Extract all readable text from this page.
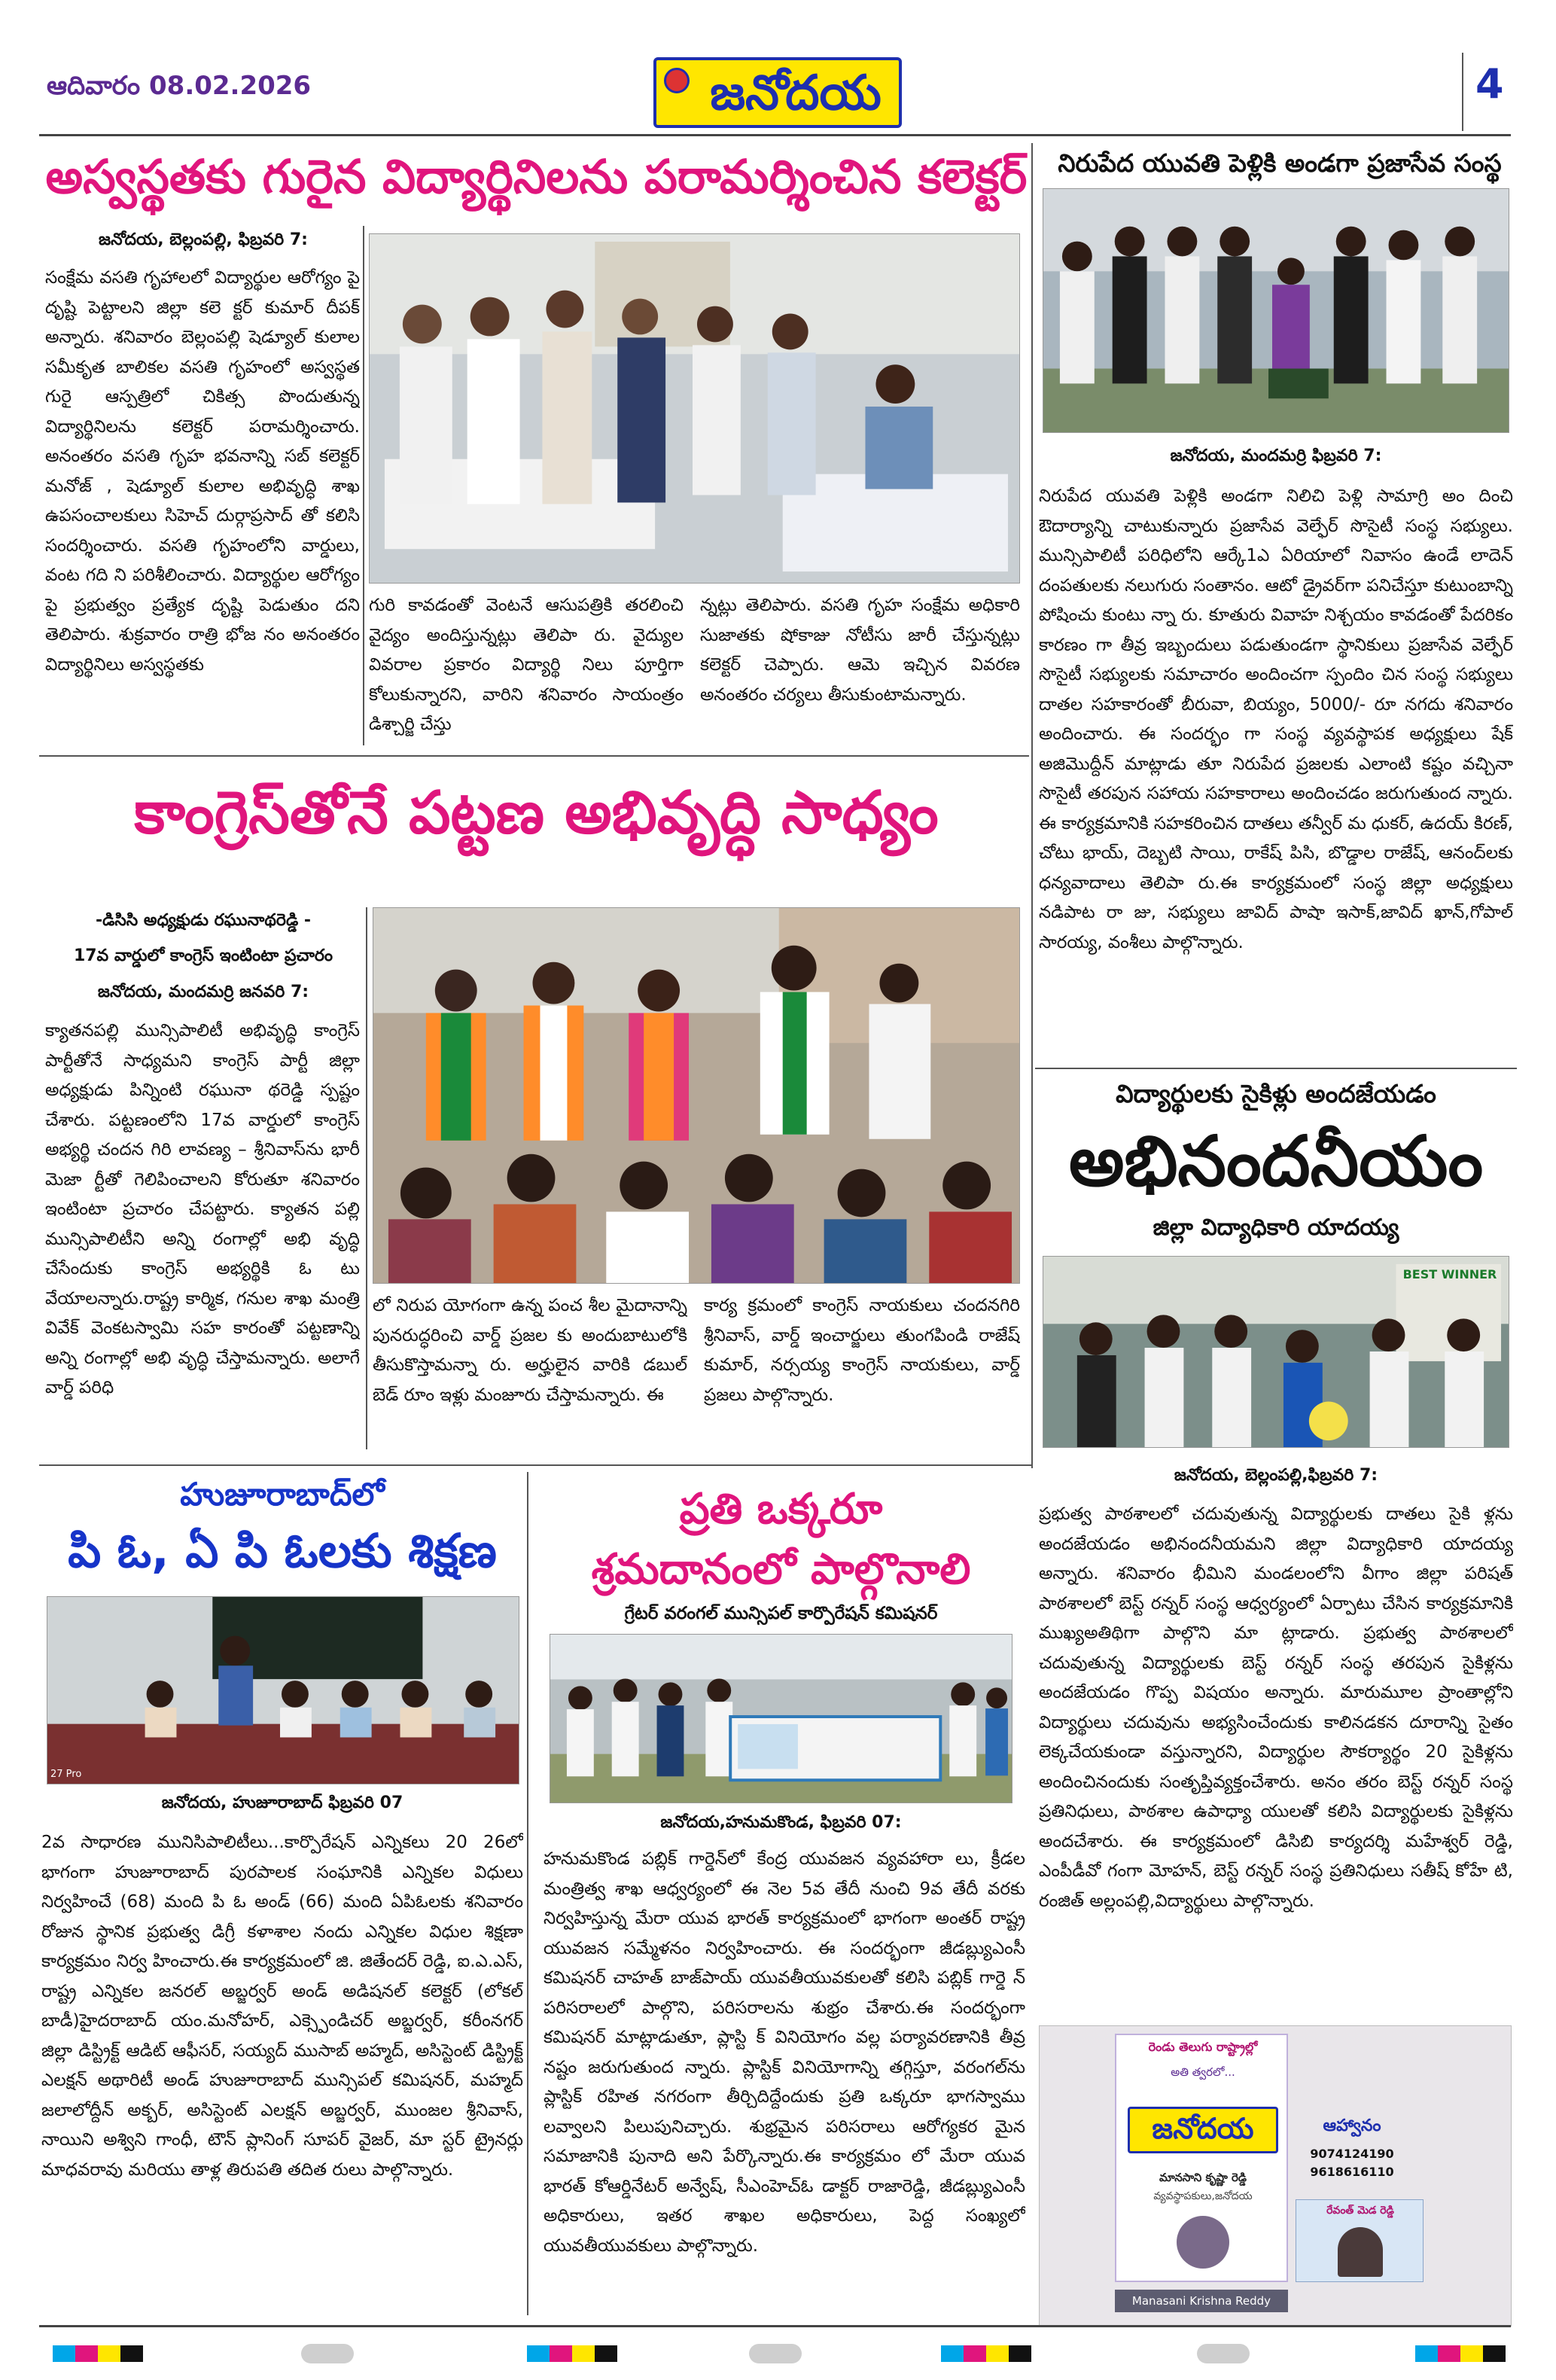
ఆదివారం 08.02.2026	జనోదయ	4
అస్వస్థతకు గురైన విద్యార్థినిలను పరామర్శించిన కలెక్టర్
జనోదయ, బెల్లంపల్లి, ఫిబ్రవరి 7:
సంక్షేమ వసతి గృహాలలో విద్యార్థుల ఆరోగ్యం పై దృష్టి పెట్టాలని జిల్లా కలె క్టర్ కుమార్ దీపక్ అన్నారు. శనివారం బెల్లంపల్లి షెడ్యూల్ కులాల సమీకృత బాలికల వసతి గృహంలో అస్వస్థత గురై ఆస్పత్రిలో చికిత్స పొందుతున్న విద్యార్థినిలను కలెక్టర్ పరామర్శించారు. అనంతరం వసతి గృహ భవనాన్ని సబ్ కలెక్టర్ మనోజ్ , షెడ్యూల్ కులాల అభివృద్ధి శాఖ ఉపసంచాలకులు సిహెచ్ దుర్గాప్రసాద్ తో కలిసి సందర్శించారు. వసతి గృహంలోని వార్డులు, వంట గది ని పరిశీలించారు. విద్యార్థుల ఆరోగ్యం పై ప్రభుత్వం ప్రత్యేక దృష్టి పెడుతుం దని తెలిపారు. శుక్రవారం రాత్రి భోజ నం అనంతరం విద్యార్థినిలు అస్వస్థతకు
గురి కావడంతో వెంటనే ఆసుపత్రికి తరలించి వైద్యం అందిస్తున్నట్లు తెలిపా రు. వైద్యుల వివరాల ప్రకారం విద్యార్థి నిలు పూర్తిగా కోలుకున్నారని, వారిని శనివారం సాయంత్రం డిశ్చార్జి చేస్తు
న్నట్లు తెలిపారు. వసతి గృహ సంక్షేమ అధికారి సుజాతకు షోకాజు నోటీసు జారీ చేస్తున్నట్లు కలెక్టర్ చెప్పారు. ఆమె ఇచ్చిన వివరణ అనంతరం చర్యలు తీసుకుంటామన్నారు.
కాంగ్రెస్‌తోనే పట్టణ అభివృద్ధి సాధ్యం
-డిసిసి అధ్యక్షుడు రఘునాథరెడ్డి -
17వ వార్డులో కాంగ్రెస్ ఇంటింటా ప్రచారం
జనోదయ, మందమర్రి జనవరి 7:
క్యాతనపల్లి మున్సిపాలిటీ అభివృద్ధి కాంగ్రెస్ పార్టీతోనే సాధ్యమని కాంగ్రెస్ పార్టీ జిల్లా అధ్యక్షుడు పిన్నింటి రఘునా థరెడ్డి స్పష్టం చేశారు. పట్టణంలోని 17వ వార్డులో కాంగ్రెస్ అభ్యర్థి చందన గిరి లావణ్య – శ్రీనివాస్‌ను భారీ మెజా ర్టీతో గెలిపించాలని కోరుతూ శనివారం ఇంటింటా ప్రచారం చేపట్టారు. క్యాతన పల్లి మున్సిపాలిటీని అన్ని రంగాల్లో అభి వృద్ధి చేసేందుకు కాంగ్రెస్ అభ్యర్థికి ఓ టు వేయాలన్నారు.రాష్ట్ర కార్మిక, గనుల శాఖ మంత్రి వివేక్ వెంకటస్వామి సహ కారంతో పట్టణాన్ని అన్ని రంగాల్లో అభి వృద్ధి చేస్తామన్నారు. అలాగే వార్డ్ పరిధి
లో నిరుప యోగంగా ఉన్న పంచ శీల మైదానాన్ని పునరుద్ధరించి వార్డ్ ప్రజల కు అందుబాటులోకి తీసుకొస్తామన్నా రు. అర్హులైన వారికి డబుల్ బెడ్ రూం ఇళ్లు మంజూరు చేస్తామన్నారు. ఈ
కార్య క్రమంలో కాంగ్రెస్ నాయకులు చందనగిరి శ్రీనివాస్, వార్డ్ ఇంచార్జులు తుంగపిండి రాజేష్ కుమార్, నర్సయ్య కాంగ్రెస్ నాయకులు, వార్డ్ ప్రజలు పాల్గొన్నారు.
నిరుపేద యువతి పెళ్లికి అండగా ప్రజాసేవ సంస్థ
జనోదయ, మందమర్రి ఫిబ్రవరి 7:
నిరుపేద యువతి పెళ్లికి అండగా నిలిచి పెళ్లి సామాగ్రి అం దించి ఔదార్యాన్ని చాటుకున్నారు ప్రజాసేవ వెల్ఫేర్ సొసైటీ సంస్థ సభ్యులు. మున్సిపాలిటీ పరిధిలోని ఆర్కే1ఎ ఏరియాలో నివాసం ఉండే లాదెన్ దంపతులకు నలుగురు సంతానం. ఆటో డ్రైవర్‌గా పనిచేస్తూ కుటుంబాన్ని పోషించు కుంటు న్నా రు. కూతురు వివాహ నిశ్చయం కావడంతో పేదరికం కారణం గా తీవ్ర ఇబ్బందులు పడుతుండగా స్థానికులు ప్రజాసేవ వెల్ఫేర్ సొసైటీ సభ్యులకు సమాచారం అందించగా స్పందిం చిన సంస్థ సభ్యులు దాతల సహకారంతో బీరువా, బియ్యం, 5000/- రూ నగదు శనివారం అందించారు. ఈ సందర్భం గా సంస్థ వ్యవస్థాపక అధ్యక్షులు షేక్ అజిమొద్దీన్ మాట్లాడు తూ నిరుపేద ప్రజలకు ఎలాంటి కష్టం వచ్చినా సొసైటీ తరపున సహాయ సహకారాలు అందించడం జరుగుతుంద న్నారు. ఈ కార్యక్రమానికి సహకరించిన దాతలు తన్వీర్ మ ధుకర్, ఉదయ్ కిరణ్, చోటు భాయ్, దెబ్బటి సాయి, రాకేష్ పిసి, బొడ్డాల రాజేష్, ఆనంద్‌లకు ధన్యవాదాలు తెలిపా రు.ఈ కార్యక్రమంలో సంస్థ జిల్లా అధ్యక్షులు నడిపాట రా జు, సభ్యులు జావిద్ పాషా ఇసాక్,జావిద్ ఖాన్,గోపాల్ సారయ్య, వంశీలు పాల్గొన్నారు.
విద్యార్థులకు సైకిళ్లు అందజేయడం
అభినందనీయం
జిల్లా విద్యాధికారి యాదయ్య
BEST WINNER
జనోదయ, బెల్లంపల్లి,ఫిబ్రవరి 7:
ప్రభుత్వ పాఠశాలలో చదువుతున్న విద్యార్థులకు దాతలు సైకి ళ్లను అందజేయడం అభినందనీయమని జిల్లా విద్యాధికారి యాదయ్య అన్నారు. శనివారం భీమిని మండలంలోని వీగాం జిల్లా పరిషత్ పాఠశాలలో బెస్ట్ రన్నర్ సంస్థ ఆధ్వర్యంలో ఏర్పాటు చేసిన కార్యక్రమానికి ముఖ్యఅతిథిగా పాల్గొని మా ట్లాడారు. ప్రభుత్వ పాఠశాలలో చదువుతున్న విద్యార్థులకు బెస్ట్ రన్నర్ సంస్థ తరపున సైకిళ్లను అందజేయడం గొప్ప విషయం అన్నారు. మారుమూల ప్రాంతాల్లోని విద్యార్థులు చదువును అభ్యసించేందుకు కాలినడకన దూరాన్ని సైతం లెక్కచేయకుండా వస్తున్నారని, విద్యార్థుల సౌకర్యార్థం 20 సైకిళ్లను అందించినందుకు సంతృప్తివ్యక్తంచేశారు. అనం తరం బెస్ట్ రన్నర్ సంస్థ ప్రతినిధులు, పాఠశాల ఉపాధ్యా యులతో కలిసి విద్యార్థులకు సైకిళ్లను అందచేశారు. ఈ కార్యక్రమంలో డిసిబి కార్యదర్శి మహేశ్వర్ రెడ్డి, ఎంపీడీవో గంగా మోహన్, బెస్ట్ రన్నర్ సంస్థ ప్రతినిధులు సతీష్ కోహే టి, రంజిత్ అల్లంపల్లి,విద్యార్థులు పాల్గొన్నారు.
హుజూరాబాద్‌లో
పి ఓ, ఏ పి ఓలకు శిక్షణ
27 Pro
జనోదయ, హుజూరాబాద్ ఫిబ్రవరి 07
2వ సాధారణ మునిసిపాలిటీలు...కార్పొరేషన్ ఎన్నికలు 20 26లో భాగంగా హుజూరాబాద్ పురపాలక సంఘానికి ఎన్నికల విధులు నిర్వహించే (68) మంది పి ఓ అండ్ (66) మంది ఏపిఓలకు శనివారం రోజున స్థానిక ప్రభుత్వ డిగ్రీ కళాశాల నందు ఎన్నికల విధుల శిక్షణా కార్యక్రమం నిర్వ హించారు.ఈ కార్యక్రమంలో జి. జితేందర్ రెడ్డి, ఐ.ఎ.ఎస్, రాష్ట్ర ఎన్నికల జనరల్ అబ్జర్వర్ అండ్ అడిషనల్ కలెక్టర్ (లోకల్ బాడీ)హైదరాబాద్ యం.మనోహర్, ఎక్స్పెండిచర్ అబ్జర్వర్, కరీంనగర్ జిల్లా డిస్ట్రిక్ట్ ఆడిట్ ఆఫీసర్, సయ్యద్ ముసాబ్ అహ్మద్, అసిస్టెంట్ డిస్ట్రిక్ట్ ఎలక్షన్ అథారిటీ అండ్ హుజూరాబాద్ మున్సిపల్ కమిషనర్, మహ్మద్ జలాలోద్దీన్ అక్బర్, అసిస్టెంట్ ఎలక్షన్ అబ్జర్వర్, ముంజల శ్రీనివాస్, నాయిని అశ్విని గాంధీ, టౌన్ ప్లానింగ్ సూపర్ వైజర్, మా స్టర్ ట్రైనర్లు మాధవరావు మరియు తాళ్ల తిరుపతి తదిత రులు పాల్గొన్నారు.
ప్రతి ఒక్కరూ
శ్రమదానంలో పాల్గొనాలి
గ్రేటర్ వరంగల్ మున్సిపల్ కార్పొరేషన్ కమిషనర్
జనోదయ,హనుమకొండ, ఫిబ్రవరి 07:
హనుమకొండ పబ్లిక్ గార్డెన్‌లో కేంద్ర యువజన వ్యవహారా లు, క్రీడల మంత్రిత్వ శాఖ ఆధ్వర్యంలో ఈ నెల 5వ తేదీ నుంచి 9వ తేదీ వరకు నిర్వహిస్తున్న మేరా యువ భారత్ కార్యక్రమంలో భాగంగా అంతర్ రాష్ట్ర యువజన సమ్మేళనం నిర్వహించారు. ఈ సందర్భంగా జీడబ్ల్యుఎంసీ కమిషనర్ చాహత్ బాజ్‌పాయ్ యువతీయువకులతో కలిసి పబ్లిక్ గార్డె న్ పరిసరాలలో పాల్గొని, పరిసరాలను శుభ్రం చేశారు.ఈ సందర్భంగా కమిషనర్ మాట్లాడుతూ, ప్లాస్టి క్ వినియోగం వల్ల పర్యావరణానికి తీవ్ర నష్టం జరుగుతుంద న్నారు. ప్లాస్టిక్ వినియోగాన్ని తగ్గిస్తూ, వరంగల్‌ను ప్లాస్టిక్ రహిత నగరంగా తీర్చిదిద్దేందుకు ప్రతి ఒక్కరూ భాగస్వాము లవ్వాలని పిలుపునిచ్చారు. శుభ్రమైన పరిసరాలు ఆరోగ్యకర మైన సమాజానికి పునాది అని పేర్కొన్నారు.ఈ కార్యక్రమం లో మేరా యువ భారత్ కోఆర్డినేటర్ అన్వేష్, సీఎంహెచ్ఓ డాక్టర్ రాజారెడ్డి, జీడబ్ల్యుఎంసీ అధికారులు, ఇతర శాఖల అధికారులు, పెద్ద సంఖ్యలో యువతీయువకులు పాల్గొన్నారు.
రెండు తెలుగు రాష్ట్రాల్లో
అతి త్వరలో...
జనోదయ
మానసాని కృష్ణా రెడ్డి
వ్యవస్థాపకులు,జనోదయ
ఆహ్వానం
9074124190
9618616110
రేవంత్ మెడ రెడ్డి
Manasani Krishna Reddy
